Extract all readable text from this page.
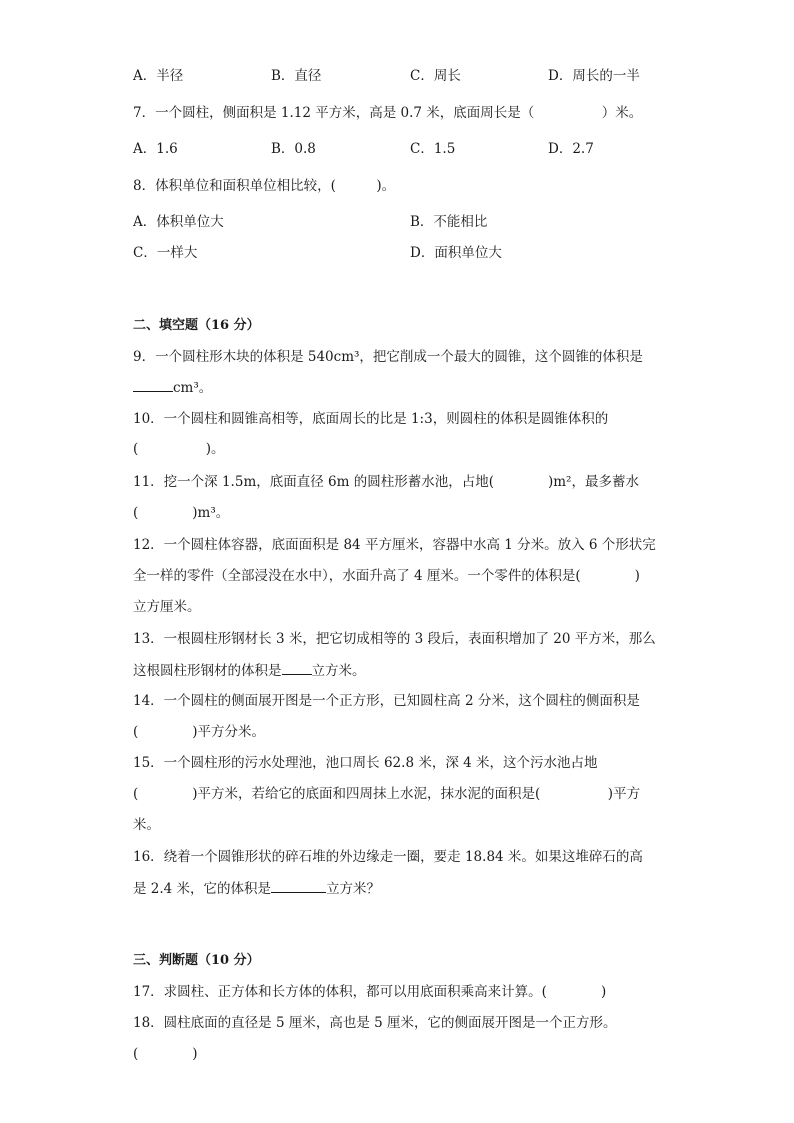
A．半径	B．直径	C．周长	D．周长的一半
7．一个圆柱，侧面积是 1.12 平方米，高是 0.7 米，底面周长是（　　　　　）米。
A．1.6	B．0.8	C．1.5	D．2.7
8．体积单位和面积单位相比较，(　　　)。
A．体积单位大	B．不能相比
C．一样大	D．面积单位大
二、填空题（16 分）
9．一个圆柱形木块的体积是 540cm³，把它削成一个最大的圆锥，这个圆锥的体积是
cm³。
10．一个圆柱和圆锥高相等，底面周长的比是 1:3，则圆柱的体积是圆锥体积的
(　　　　　)。
11．挖一个深 1.5m，底面直径 6m 的圆柱形蓄水池，占地(　　　　)m²，最多蓄水
(　　　　)m³。
12．一个圆柱体容器，底面面积是 84 平方厘米，容器中水高 1 分米。放入 6 个形状完
全一样的零件（全部浸没在水中），水面升高了 4 厘米。一个零件的体积是(　　　　)
立方厘米。
13．一根圆柱形钢材长 3 米，把它切成相等的 3 段后，表面积增加了 20 平方米，那么
这根圆柱形钢材的体积是 立方米。
14．一个圆柱的侧面展开图是一个正方形，已知圆柱高 2 分米，这个圆柱的侧面积是
(　　　　)平方分米。
15．一个圆柱形的污水处理池，池口周长 62.8 米，深 4 米，这个污水池占地
(　　　　)平方米，若给它的底面和四周抹上水泥，抹水泥的面积是(　　　　　)平方
米。
16．绕着一个圆锥形状的碎石堆的外边缘走一圈，要走 18.84 米。如果这堆碎石的高
是 2.4 米，它的体积是	立方米？
三、判断题（10 分）
17．求圆柱、正方体和长方体的体积，都可以用底面积乘高来计算。(　　　　)
18．圆柱底面的直径是 5 厘米，高也是 5 厘米，它的侧面展开图是一个正方形。
(　　　　)
